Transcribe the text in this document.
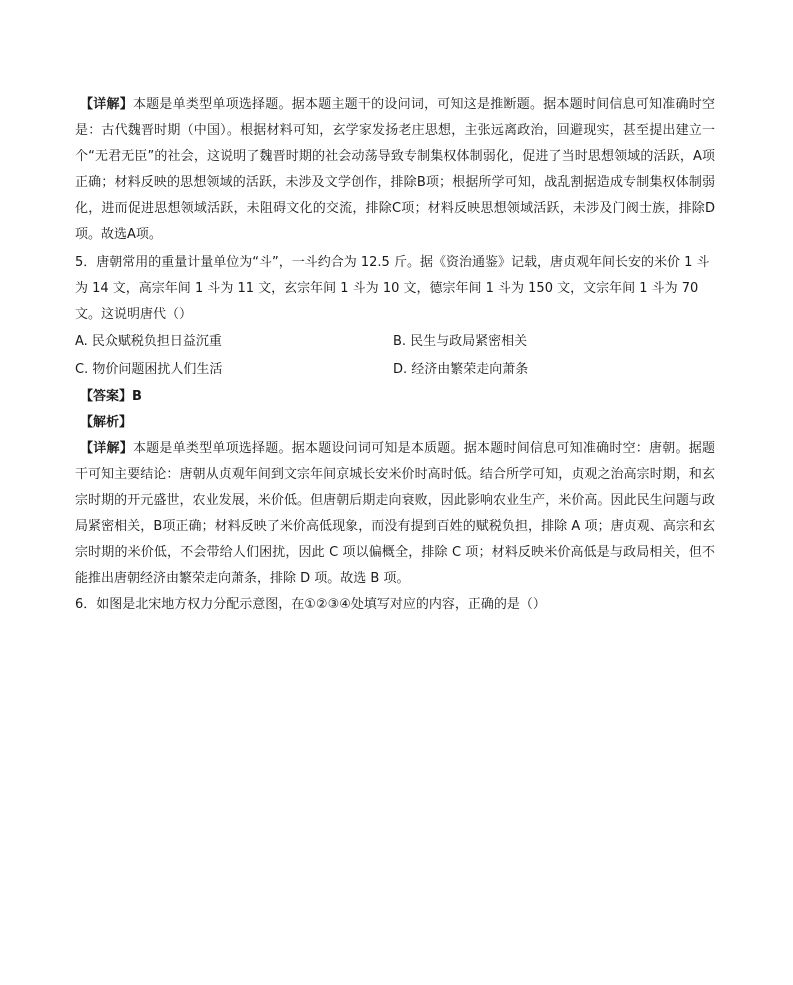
【详解】本题是单类型单项选择题。据本题主题干的设问词，可知这是推断题。据本题时间信息可知准确时空是：古代魏晋时期（中国）。根据材料可知，玄学家发扬老庄思想，主张远离政治，回避现实，甚至提出建立一个“无君无臣”的社会，这说明了魏晋时期的社会动荡导致专制集权体制弱化，促进了当时思想领域的活跃，A项正确；材料反映的思想领域的活跃，未涉及文学创作，排除B项；根据所学可知，战乱割据造成专制集权体制弱化，进而促进思想领域活跃，未阻碍文化的交流，排除C项；材料反映思想领域活跃，未涉及门阀士族，排除D项。故选A项。

5．唐朝常用的重量计量单位为“斗”，一斗约合为 12.5 斤。据《资治通鉴》记载，唐贞观年间长安的米价 1 斗为 14 文，高宗年间 1 斗为 11 文，玄宗年间 1 斗为 10 文，德宗年间 1 斗为 150 文，文宗年间 1 斗为 70 文。这说明唐代（）

A. 民众赋税负担日益沉重	B. 民生与政局紧密相关
C. 物价问题困扰人们生活	D. 经济由繁荣走向萧条

【答案】B

【解析】

【详解】本题是单类型单项选择题。据本题设问词可知是本质题。据本题时间信息可知准确时空：唐朝。据题干可知主要结论：唐朝从贞观年间到文宗年间京城长安米价时高时低。结合所学可知，贞观之治高宗时期，和玄宗时期的开元盛世，农业发展，米价低。但唐朝后期走向衰败，因此影响农业生产，米价高。因此民生问题与政局紧密相关，B项正确；材料反映了米价高低现象，而没有提到百姓的赋税负担，排除 A 项；唐贞观、高宗和玄宗时期的米价低，不会带给人们困扰，因此 C 项以偏概全，排除 C 项；材料反映米价高低是与政局相关，但不能推出唐朝经济由繁荣走向萧条，排除 D 项。故选 B 项。

6．如图是北宋地方权力分配示意图，在①②③④处填写对应的内容，正确的是（）
